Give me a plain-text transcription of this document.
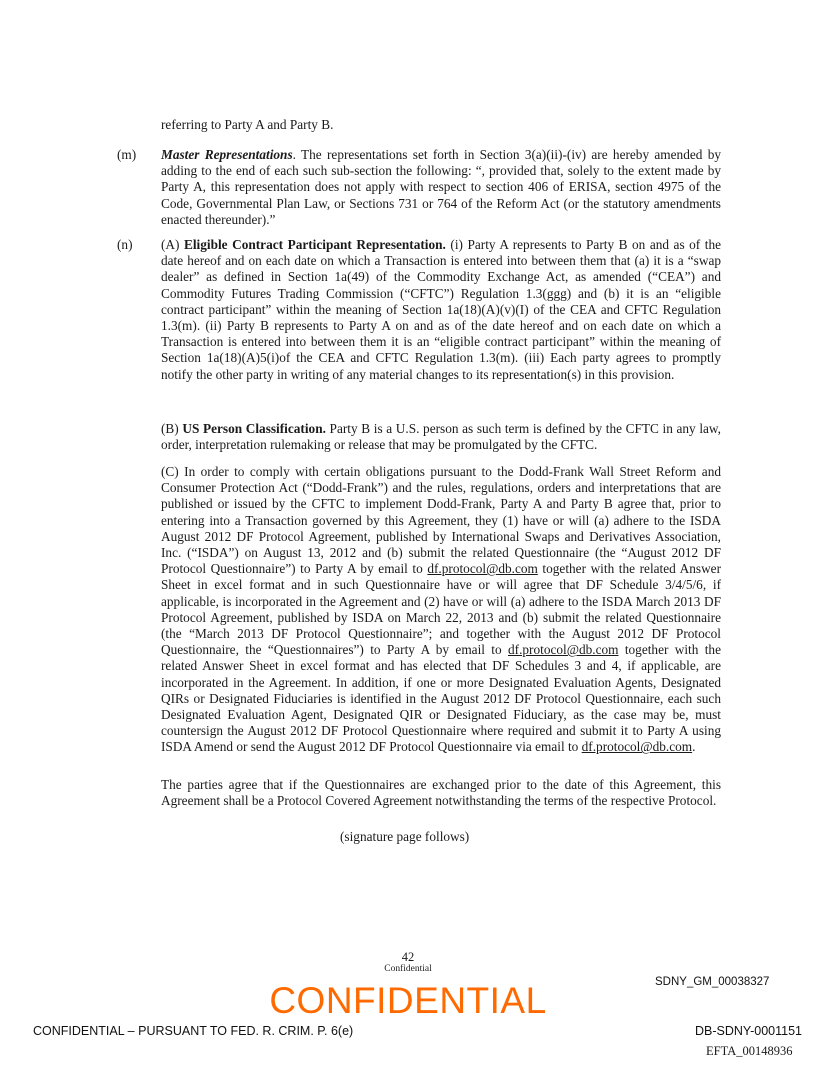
referring to Party A and Party B.

(m) Master Representations. The representations set forth in Section 3(a)(ii)-(iv) are hereby amended by adding to the end of each such sub-section the following: “, provided that, solely to the extent made by Party A, this representation does not apply with respect to section 406 of ERISA, section 4975 of the Code, Governmental Plan Law, or Sections 731 or 764 of the Reform Act (or the statutory amendments enacted thereunder).”

(n) (A) Eligible Contract Participant Representation. (i) Party A represents to Party B on and as of the date hereof and on each date on which a Transaction is entered into between them that (a) it is a “swap dealer” as defined in Section 1a(49) of the Commodity Exchange Act, as amended (“CEA”) and Commodity Futures Trading Commission (“CFTC”) Regulation 1.3(ggg) and (b) it is an “eligible contract participant” within the meaning of Section 1a(18)(A)(v)(I) of the CEA and CFTC Regulation 1.3(m). (ii) Party B represents to Party A on and as of the date hereof and on each date on which a Transaction is entered into between them it is an “eligible contract participant” within the meaning of Section 1a(18)(A)5(i)of the CEA and CFTC Regulation 1.3(m). (iii) Each party agrees to promptly notify the other party in writing of any material changes to its representation(s) in this provision.

(B) US Person Classification. Party B is a U.S. person as such term is defined by the CFTC in any law, order, interpretation rulemaking or release that may be promulgated by the CFTC.

(C) In order to comply with certain obligations pursuant to the Dodd-Frank Wall Street Reform and Consumer Protection Act (“Dodd-Frank”) and the rules, regulations, orders and interpretations that are published or issued by the CFTC to implement Dodd-Frank, Party A and Party B agree that, prior to entering into a Transaction governed by this Agreement, they (1) have or will (a) adhere to the ISDA August 2012 DF Protocol Agreement, published by International Swaps and Derivatives Association, Inc. (“ISDA”) on August 13, 2012 and (b) submit the related Questionnaire (the “August 2012 DF Protocol Questionnaire”) to Party A by email to df.protocol@db.com together with the related Answer Sheet in excel format and in such Questionnaire have or will agree that DF Schedule 3/4/5/6, if applicable, is incorporated in the Agreement and (2) have or will (a) adhere to the ISDA March 2013 DF Protocol Agreement, published by ISDA on March 22, 2013 and (b) submit the related Questionnaire (the “March 2013 DF Protocol Questionnaire”; and together with the August 2012 DF Protocol Questionnaire, the “Questionnaires”) to Party A by email to df.protocol@db.com together with the related Answer Sheet in excel format and has elected that DF Schedules 3 and 4, if applicable, are incorporated in the Agreement. In addition, if one or more Designated Evaluation Agents, Designated QIRs or Designated Fiduciaries is identified in the August 2012 DF Protocol Questionnaire, each such Designated Evaluation Agent, Designated QIR or Designated Fiduciary, as the case may be, must countersign the August 2012 DF Protocol Questionnaire where required and submit it to Party A using ISDA Amend or send the August 2012 DF Protocol Questionnaire via email to df.protocol@db.com.

The parties agree that if the Questionnaires are exchanged prior to the date of this Agreement, this Agreement shall be a Protocol Covered Agreement notwithstanding the terms of the respective Protocol.

(signature page follows)
42
Confidential
SDNY_GM_00038327
CONFIDENTIAL
CONFIDENTIAL – PURSUANT TO FED. R. CRIM. P. 6(e)	DB-SDNY-0001151
EFTA_00148936
